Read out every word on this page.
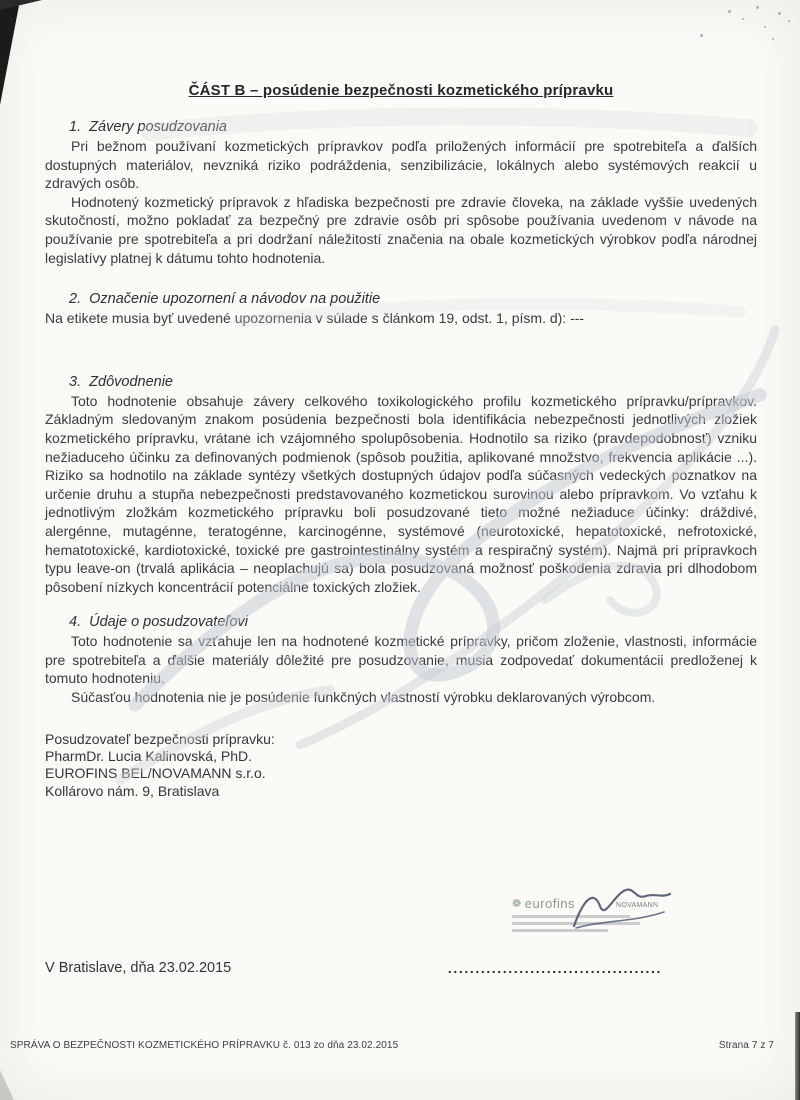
ČÁST B – posúdenie bezpečnosti kozmetického prípravku
1.  Závery posudzovania

Pri bežnom používaní kozmetických prípravkov podľa priložených informácií pre spotrebiteľa a ďalších dostupných materiálov, nevzniká riziko podráždenia, senzibilizácie, lokálnych alebo systémových reakcií u zdravých osôb.

Hodnotený kozmetický prípravok z hľadiska bezpečnosti pre zdravie človeka, na základe vyššie uvedených skutočností, možno pokladať za bezpečný pre zdravie osôb pri spôsobe používania uvedenom v návode na používanie pre spotrebiteľa a pri dodržaní náležitostí značenia na obale kozmetických výrobkov podľa národnej legislatívy platnej k dátumu tohto hodnotenia.

2.  Označenie upozornení a návodov na použitie

Na etikete musia byť uvedené upozornenia v súlade s článkom 19, odst. 1, písm. d): ---

3.  Zdôvodnenie

Toto hodnotenie obsahuje závery celkového toxikologického profilu kozmetického prípravku/prípravkov. Základným sledovaným znakom posúdenia bezpečnosti bola identifikácia nebezpečnosti jednotlivých zložiek kozmetického prípravku, vrátane ich vzájomného spolupôsobenia. Hodnotilo sa riziko (pravdepodobnosť) vzniku nežiaduceho účinku za definovaných podmienok (spôsob použitia, aplikované množstvo, frekvencia aplikácie ...). Riziko sa hodnotilo na základe syntézy všetkých dostupných údajov podľa súčasných vedeckých poznatkov na určenie druhu a stupňa nebezpečnosti predstavovaného kozmetickou surovinou alebo prípravkom. Vo vzťahu k jednotlivým zložkám kozmetického prípravku boli posudzované tieto možné nežiaduce účinky: dráždivé, alergénne, mutagénne, teratogénne, karcinogénne, systémové (neurotoxické, hepatotoxické, nefrotoxické, hematotoxické, kardiotoxické, toxické pre gastrointestinálny systém a respiračný systém). Najmä pri prípravkoch typu leave-on (trvalá aplikácia – neoplachujú sa) bola posudzovaná možnosť poškodenia zdravia pri dlhodobom pôsobení nízkych koncentrácií potenciálne toxických zložiek.

4.  Údaje o posudzovateľovi

Toto hodnotenie sa vzťahuje len na hodnotené kozmetické prípravky, pričom zloženie, vlastnosti, informácie pre spotrebiteľa a ďalšie materiály dôležité pre posudzovanie, musia zodpovedať dokumentácii predloženej k tomuto hodnoteniu.

Súčasťou hodnotenia nie je posúdenie funkčných vlastností výrobku deklarovaných výrobcom.

Posudzovateľ bezpečnosti prípravku:

PharmDr. Lucia Kalinovská, PhD.

EUROFINS BEL/NOVAMANN s.r.o.

Kollárovo nám. 9, Bratislava

❁ eurofins	NOVAMANN
V Bratislave, dňa 23.02.2015	.......................................
SPRÁVA O BEZPEČNOSTI KOZMETICKÉHO PRÍPRAVKU č. 013 zo dňa 23.02.2015	Strana 7 z 7
